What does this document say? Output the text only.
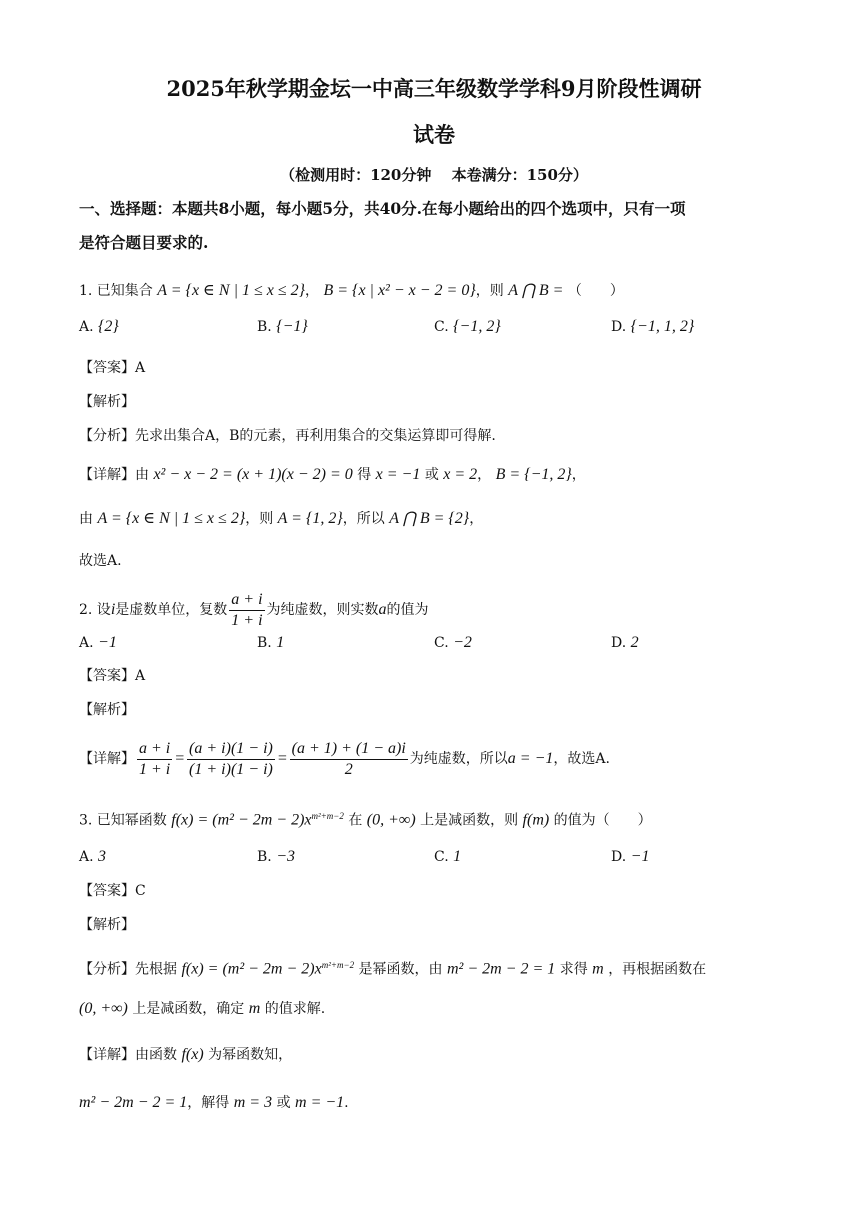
2025年秋学期金坛一中高三年级数学学科9月阶段性调研
试卷
（检测用时：120分钟　 本卷满分：150分）
一、选择题：本题共8小题，每小题5分，共40分.在每小题给出的四个选项中，只有一项
是符合题目要求的.
1. 已知集合 A = {x ∈ N | 1 ≤ x ≤ 2}， B = {x | x² − x − 2 = 0}，则 A ⋂ B = （　　）
A. {2}	B. {−1}	C. {−1, 2}	D. {−1, 1, 2}
【答案】A
【解析】
【分析】先求出集合A，B的元素，再利用集合的交集运算即可得解.
【详解】由 x² − x − 2 = (x + 1)(x − 2) = 0 得 x = −1 或 x = 2， B = {−1, 2}，
由 A = {x ∈ N | 1 ≤ x ≤ 2}，则 A = {1, 2}，所以 A ⋂ B = {2}，
故选A.
2. 设i是虚数单位，复数 $\frac{a + i}{1 + i}$ 为纯虚数，则实数a的值为
A. −1	B. 1	C. −2	D. 2
【答案】A
【解析】
【详解】 $\frac{a + i}{1 + i} = \frac{(a + i)(1 - i)}{(1 + i)(1 - i)} = \frac{(a + 1) + (1 - a)i}{2}$ 为纯虚数，所以a = −1，故选A.
3. 已知幂函数 $f(x) = (m^2 - 2m - 2)x^{m^2+m-2}$ 在 (0, +∞) 上是减函数，则 f(m) 的值为（　　）
A. 3	B. −3	C. 1	D. −1
【答案】C
【解析】
【分析】先根据 $f(x) = (m^2 - 2m - 2)x^{m^2+m-2}$ 是幂函数，由 m² − 2m − 2 = 1 求得 m ，再根据函数在
(0, +∞) 上是减函数，确定 m 的值求解.
【详解】由函数 f(x) 为幂函数知，
m² − 2m − 2 = 1，解得 m = 3 或 m = −1.
